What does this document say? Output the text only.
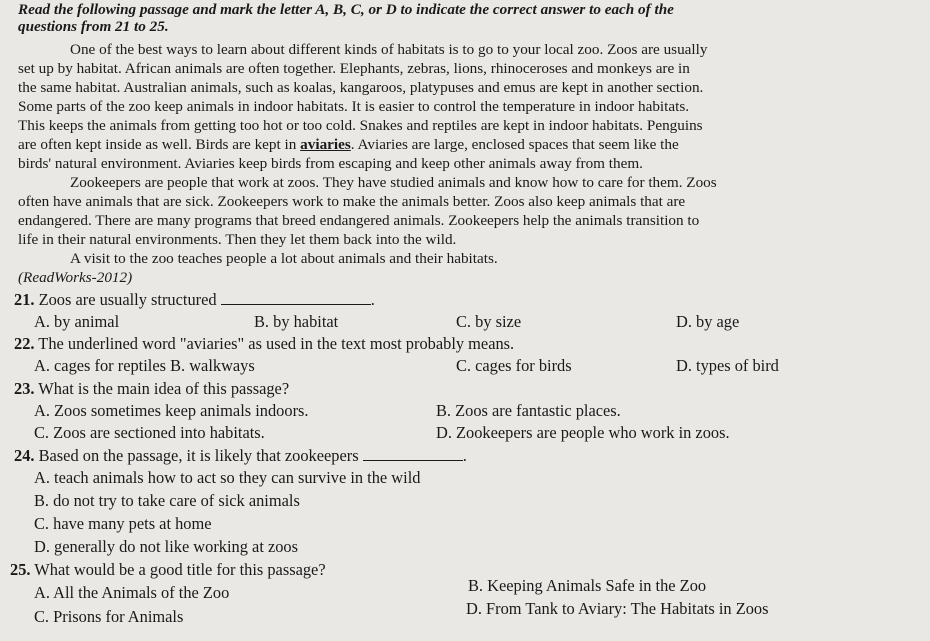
Read the following passage and mark the letter A, B, C, or D to indicate the correct answer to each of the
questions from 21 to 25.
One of the best ways to learn about different kinds of habitats is to go to your local zoo. Zoos are usually
set up by habitat. African animals are often together. Elephants, zebras, lions, rhinoceroses and monkeys are in
the same habitat. Australian animals, such as koalas, kangaroos, platypuses and emus are kept in another section.
Some parts of the zoo keep animals in indoor habitats. It is easier to control the temperature in indoor habitats.
This keeps the animals from getting too hot or too cold. Snakes and reptiles are kept in indoor habitats. Penguins
are often kept inside as well. Birds are kept in aviaries. Aviaries are large, enclosed spaces that seem like the
birds' natural environment. Aviaries keep birds from escaping and keep other animals away from them.
Zookeepers are people that work at zoos. They have studied animals and know how to care for them. Zoos
often have animals that are sick. Zookeepers work to make the animals better. Zoos also keep animals that are
endangered. There are many programs that breed endangered animals. Zookeepers help the animals transition to
life in their natural environments. Then they let them back into the wild.
A visit to the zoo teaches people a lot about animals and their habitats.
(ReadWorks-2012)
21. Zoos are usually structured	.
A. by animal	B. by habitat	C. by size	D. by age
22. The underlined word "aviaries" as used in the text most probably means.
A. cages for reptiles B. walkways	C. cages for birds	D. types of bird
23. What is the main idea of this passage?
A. Zoos sometimes keep animals indoors.	B. Zoos are fantastic places.
C. Zoos are sectioned into habitats.	D. Zookeepers are people who work in zoos.
24. Based on the passage, it is likely that zookeepers	.
A. teach animals how to act so they can survive in the wild
B. do not try to take care of sick animals
C. have many pets at home
D. generally do not like working at zoos
25. What would be a good title for this passage?
A. All the Animals of the Zoo	B. Keeping Animals Safe in the Zoo
C. Prisons for Animals	D. From Tank to Aviary: The Habitats in Zoos
